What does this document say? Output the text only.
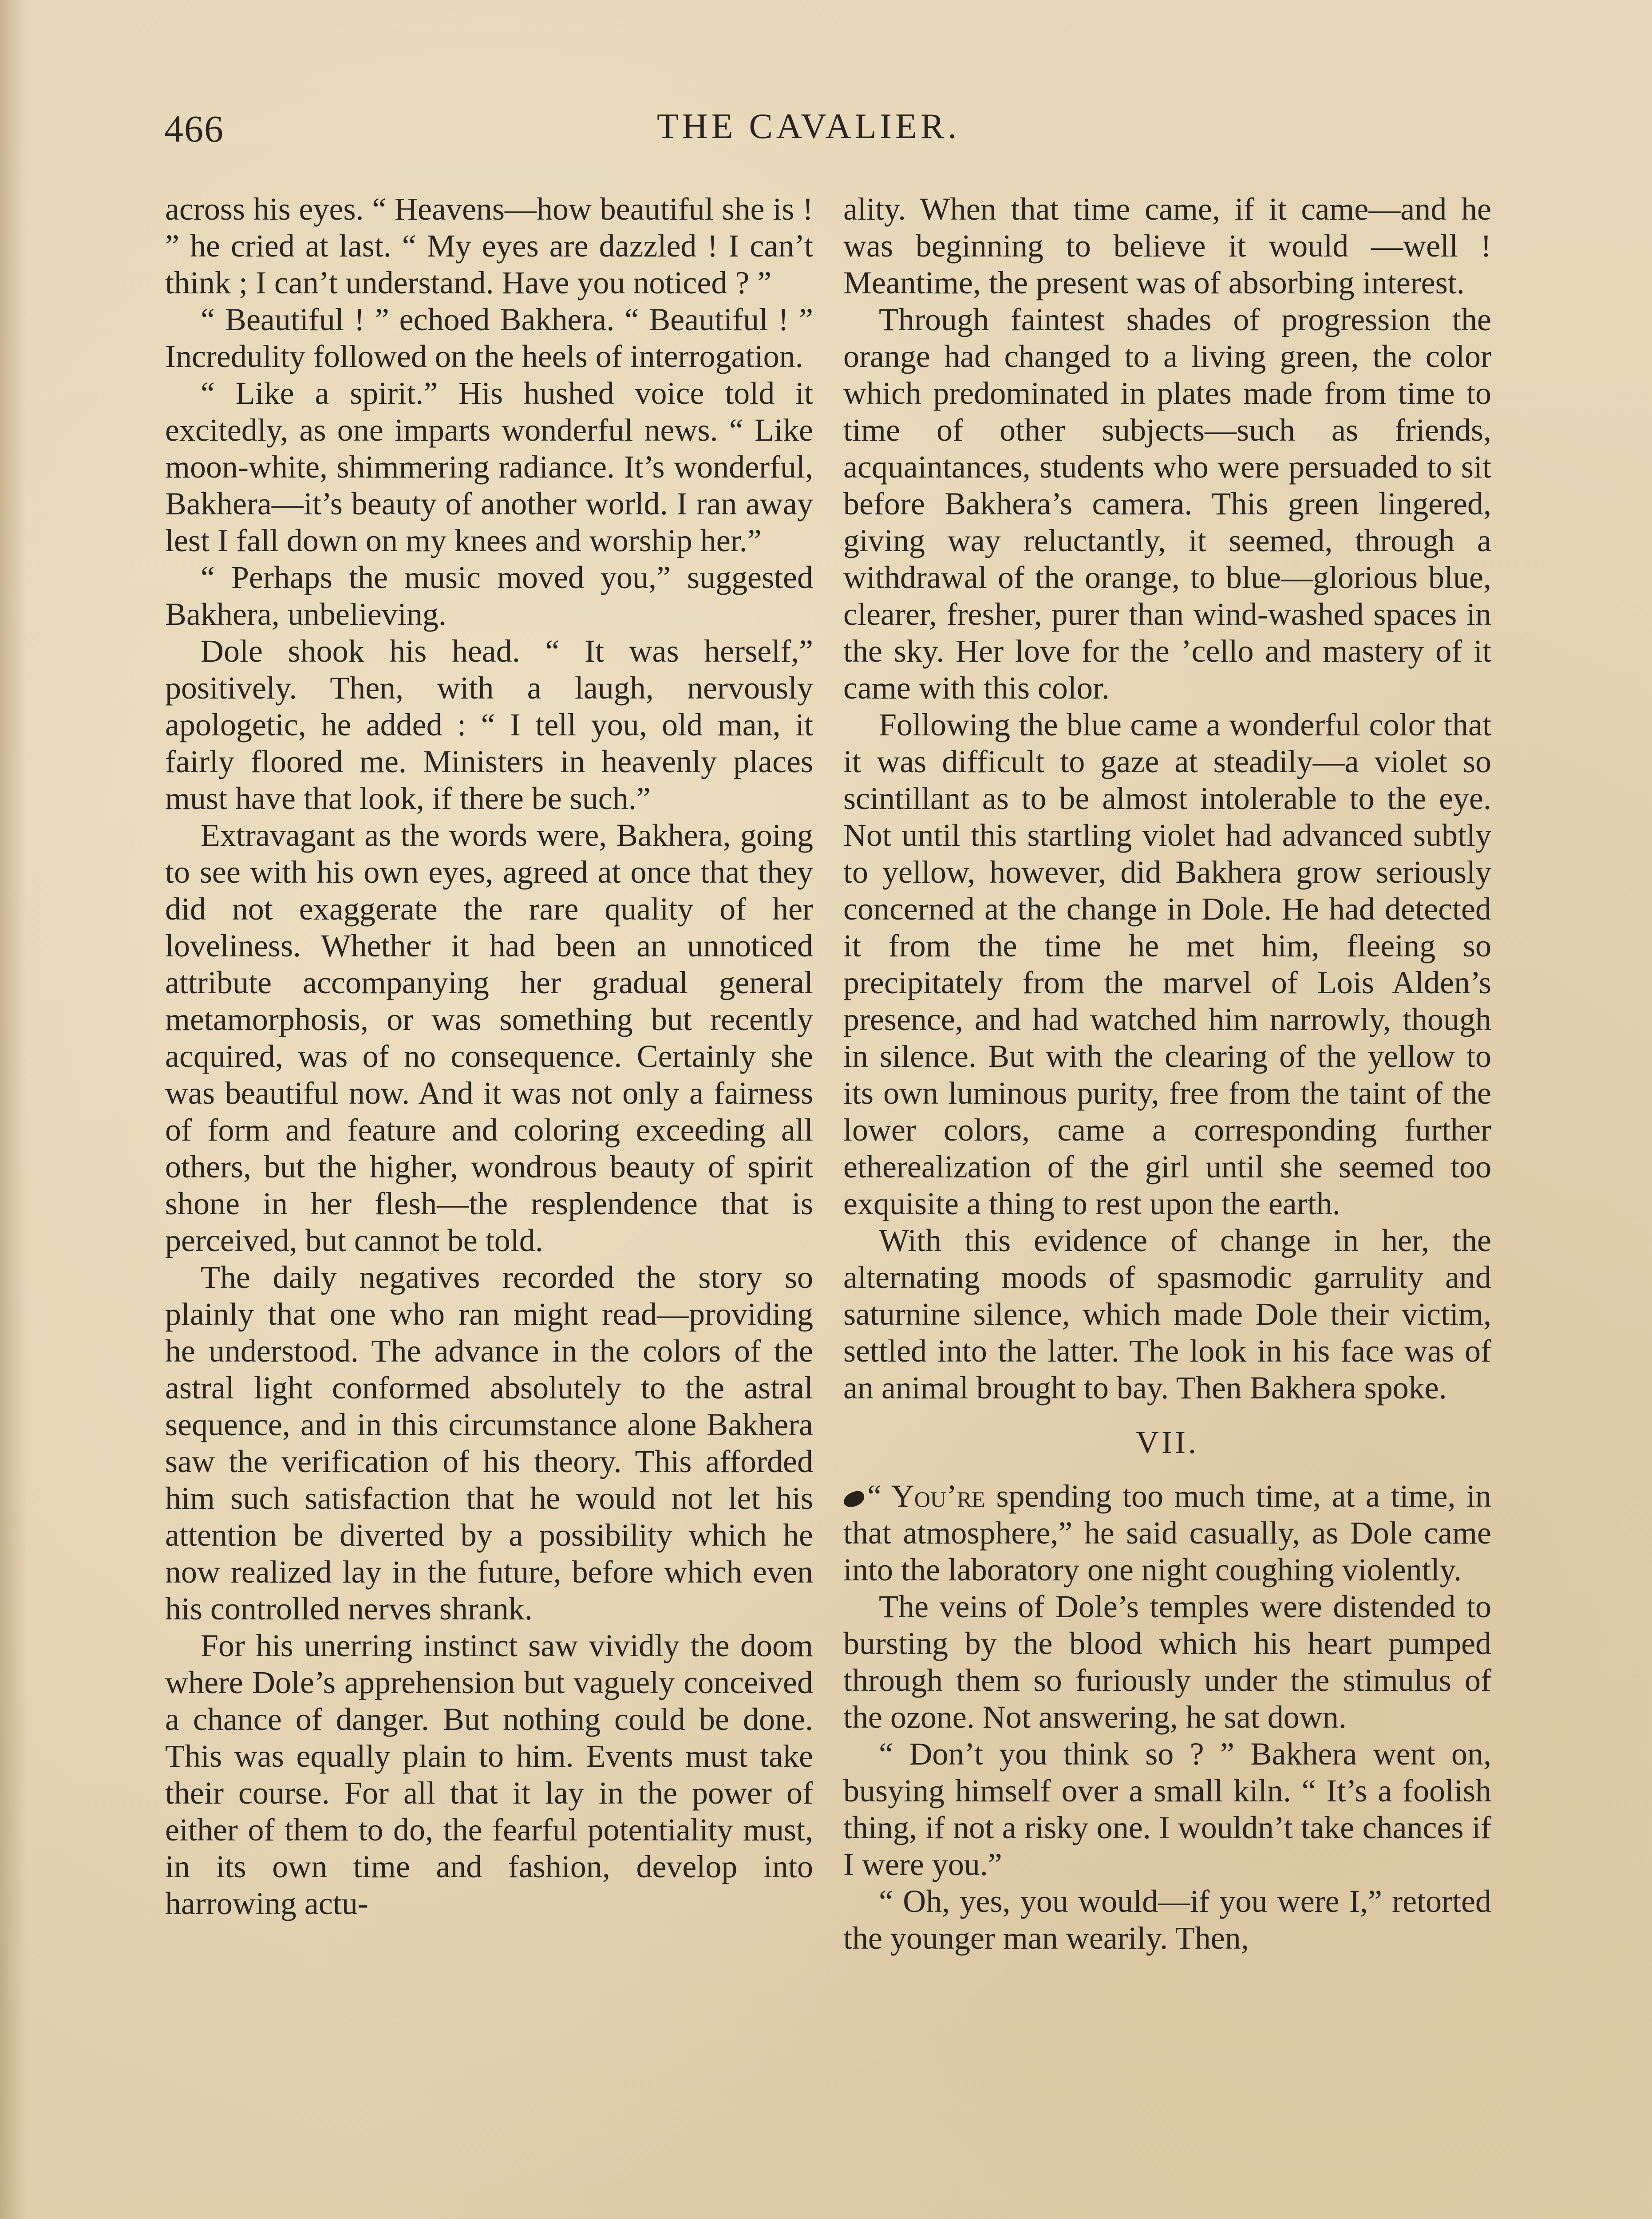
466	THE CAVALIER.

across his eyes. “ Heavens—how beautiful she is ! ” he cried at last. “ My eyes are dazzled ! I can’t think ; I can’t understand. Have you noticed ? ”

“ Beautiful ! ” echoed Bakhera. “ Beautiful ! ” Incredulity followed on the heels of interrogation.

“ Like a spirit.” His hushed voice told it excitedly, as one imparts wonderful news. “ Like moon-white, shimmering radiance. It’s wonderful, Bakhera—it’s beauty of another world. I ran away lest I fall down on my knees and worship her.”

“ Perhaps the music moved you,” suggested Bakhera, unbelieving.

Dole shook his head. “ It was herself,” positively. Then, with a laugh, nervously apologetic, he added : “ I tell you, old man, it fairly floored me. Ministers in heavenly places must have that look, if there be such.”

Extravagant as the words were, Bakhera, going to see with his own eyes, agreed at once that they did not exaggerate the rare quality of her loveliness. Whether it had been an unnoticed attribute accompanying her gradual general metamorphosis, or was something but recently acquired, was of no consequence. Certainly she was beautiful now. And it was not only a fairness of form and feature and coloring exceeding all others, but the higher, wondrous beauty of spirit shone in her flesh—the resplendence that is perceived, but cannot be told.

The daily negatives recorded the story so plainly that one who ran might read—providing he understood. The advance in the colors of the astral light conformed absolutely to the astral sequence, and in this circumstance alone Bakhera saw the verification of his theory. This afforded him such satisfaction that he would not let his attention be diverted by a possibility which he now realized lay in the future, before which even his controlled nerves shrank.

For his unerring instinct saw vividly the doom where Dole’s apprehension but vaguely conceived a chance of danger. But nothing could be done. This was equally plain to him. Events must take their course. For all that it lay in the power of either of them to do, the fearful potentiality must, in its own time and fashion, develop into harrowing actu-

ality. When that time came, if it came—and he was beginning to believe it would —well ! Meantime, the present was of absorbing interest.

Through faintest shades of progression the orange had changed to a living green, the color which predominated in plates made from time to time of other subjects—such as friends, acquaintances, students who were persuaded to sit before Bakhera’s camera. This green lingered, giving way reluctantly, it seemed, through a withdrawal of the orange, to blue—glorious blue, clearer, fresher, purer than wind-washed spaces in the sky. Her love for the ’cello and mastery of it came with this color.

Following the blue came a wonderful color that it was difficult to gaze at steadily—a violet so scintillant as to be almost intolerable to the eye. Not until this startling violet had advanced subtly to yellow, however, did Bakhera grow seriously concerned at the change in Dole. He had detected it from the time he met him, fleeing so precipitately from the marvel of Lois Alden’s presence, and had watched him narrowly, though in silence. But with the clearing of the yellow to its own luminous purity, free from the taint of the lower colors, came a corresponding further etherealization of the girl until she seemed too exquisite a thing to rest upon the earth.

With this evidence of change in her, the alternating moods of spasmodic garrulity and saturnine silence, which made Dole their victim, settled into the latter. The look in his face was of an animal brought to bay. Then Bakhera spoke.

VII.

“ You’re spending too much time, at a time, in that atmosphere,” he said casually, as Dole came into the laboratory one night coughing violently.

The veins of Dole’s temples were distended to bursting by the blood which his heart pumped through them so furiously under the stimulus of the ozone. Not answering, he sat down.

“ Don’t you think so ? ” Bakhera went on, busying himself over a small kiln. “ It’s a foolish thing, if not a risky one. I wouldn’t take chances if I were you.”

“ Oh, yes, you would—if you were I,” retorted the younger man wearily. Then,
